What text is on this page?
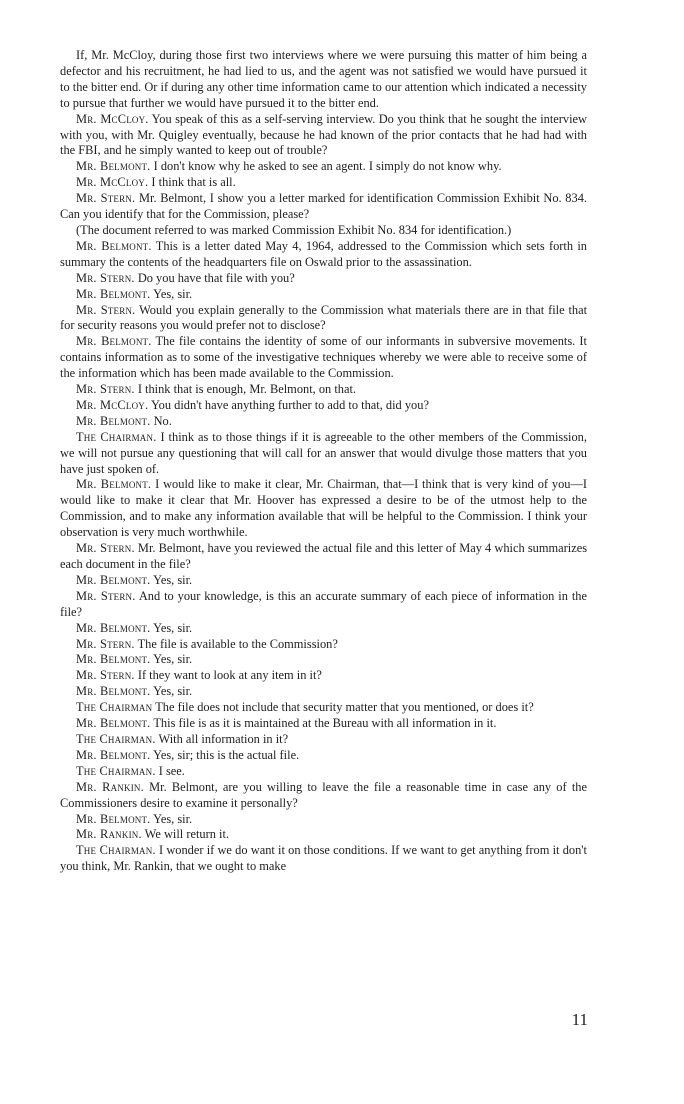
If, Mr. McCloy, during those first two interviews where we were pursuing this matter of him being a defector and his recruitment, he had lied to us, and the agent was not satisfied we would have pursued it to the bitter end. Or if during any other time information came to our attention which indicated a necessity to pursue that further we would have pursued it to the bitter end.

Mr. McCloy. You speak of this as a self-serving interview. Do you think that he sought the interview with you, with Mr. Quigley eventually, because he had known of the prior contacts that he had had with the FBI, and he simply wanted to keep out of trouble?

Mr. Belmont. I don't know why he asked to see an agent. I simply do not know why.

Mr. McCloy. I think that is all.

Mr. Stern. Mr. Belmont, I show you a letter marked for identification Commission Exhibit No. 834. Can you identify that for the Commission, please?

(The document referred to was marked Commission Exhibit No. 834 for identification.)

Mr. Belmont. This is a letter dated May 4, 1964, addressed to the Commission which sets forth in summary the contents of the headquarters file on Oswald prior to the assassination.

Mr. Stern. Do you have that file with you?

Mr. Belmont. Yes, sir.

Mr. Stern. Would you explain generally to the Commission what materials there are in that file that for security reasons you would prefer not to disclose?

Mr. Belmont. The file contains the identity of some of our informants in subversive movements. It contains information as to some of the investigative techniques whereby we were able to receive some of the information which has been made available to the Commission.

Mr. Stern. I think that is enough, Mr. Belmont, on that.

Mr. McCloy. You didn't have anything further to add to that, did you?

Mr. Belmont. No.

The Chairman. I think as to those things if it is agreeable to the other members of the Commission, we will not pursue any questioning that will call for an answer that would divulge those matters that you have just spoken of.

Mr. Belmont. I would like to make it clear, Mr. Chairman, that—I think that is very kind of you—I would like to make it clear that Mr. Hoover has expressed a desire to be of the utmost help to the Commission, and to make any information available that will be helpful to the Commission. I think your observation is very much worthwhile.

Mr. Stern. Mr. Belmont, have you reviewed the actual file and this letter of May 4 which summarizes each document in the file?

Mr. Belmont. Yes, sir.

Mr. Stern. And to your knowledge, is this an accurate summary of each piece of information in the file?

Mr. Belmont. Yes, sir.

Mr. Stern. The file is available to the Commission?

Mr. Belmont. Yes, sir.

Mr. Stern. If they want to look at any item in it?

Mr. Belmont. Yes, sir.

The Chairman The file does not include that security matter that you mentioned, or does it?

Mr. Belmont. This file is as it is maintained at the Bureau with all information in it.

The Chairman. With all information in it?

Mr. Belmont. Yes, sir; this is the actual file.

The Chairman. I see.

Mr. Rankin. Mr. Belmont, are you willing to leave the file a reasonable time in case any of the Commissioners desire to examine it personally?

Mr. Belmont. Yes, sir.

Mr. Rankin. We will return it.

The Chairman. I wonder if we do want it on those conditions. If we want to get anything from it don't you think, Mr. Rankin, that we ought to make

11
